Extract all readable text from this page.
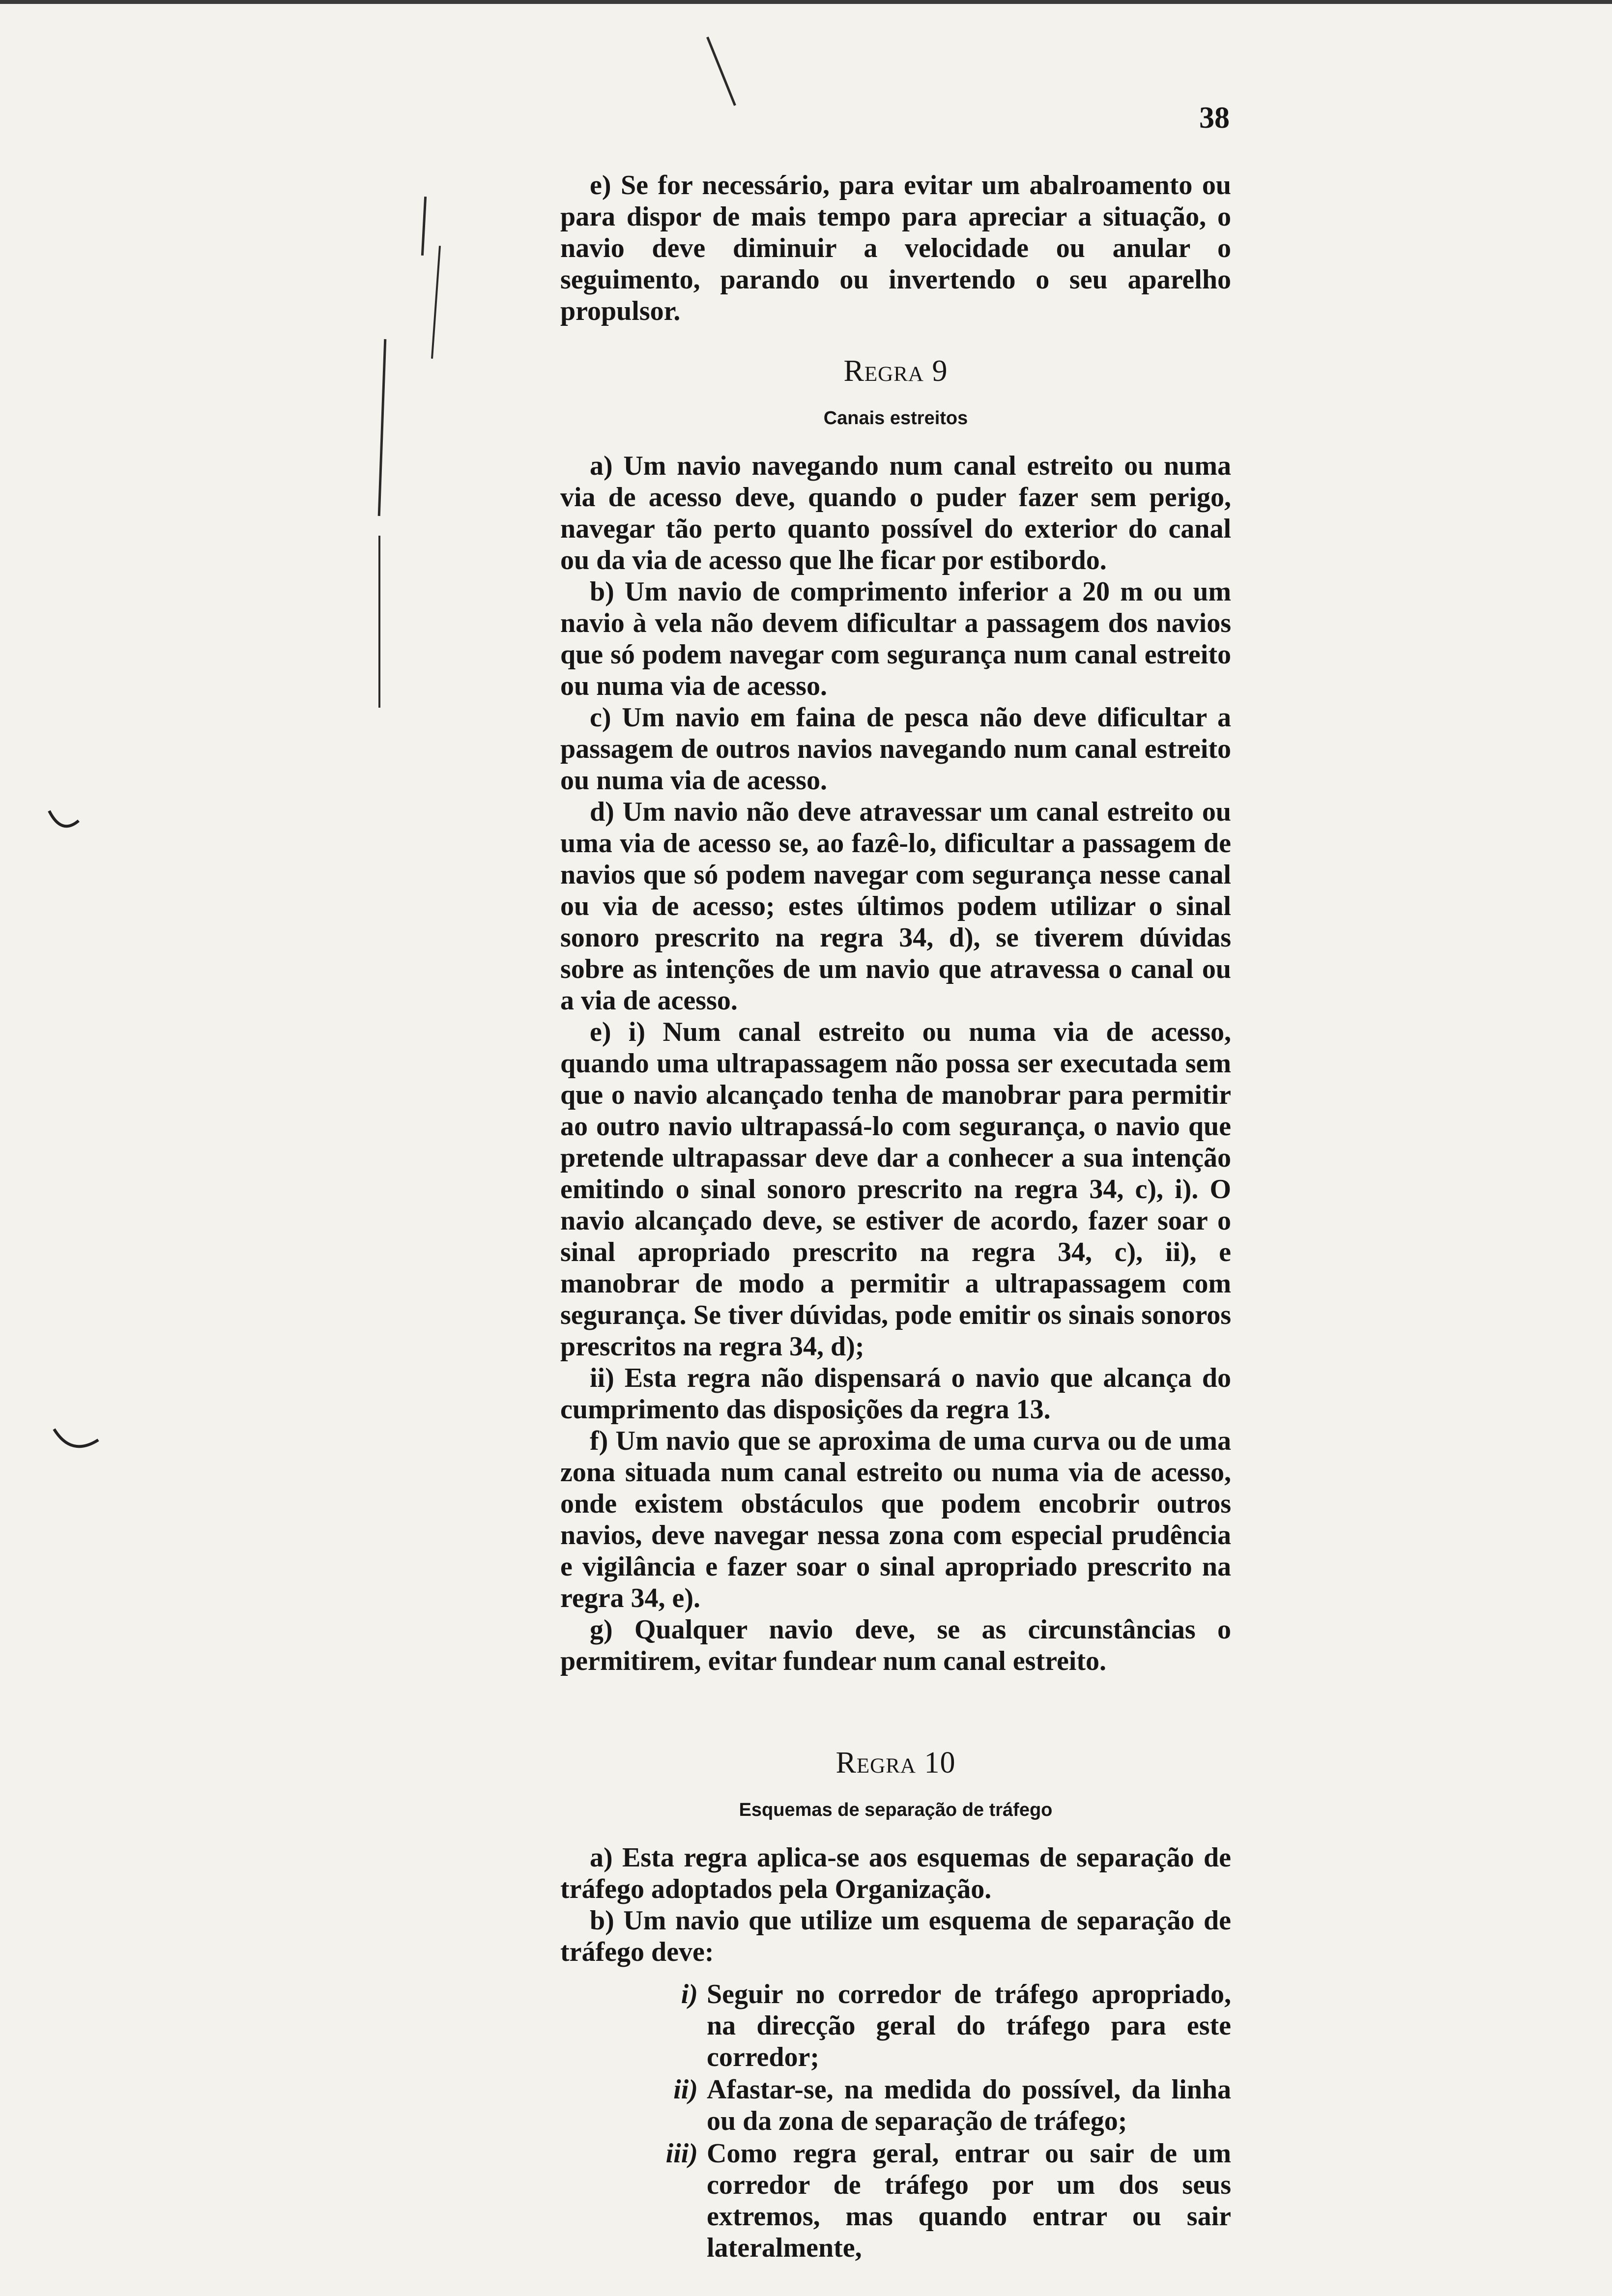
38

e) Se for necessário, para evitar um abalroamento ou para dispor de mais tempo para apreciar a situação, o navio deve diminuir a velocidade ou anular o seguimento, parando ou invertendo o seu aparelho propulsor.

Regra 9
Canais estreitos

a) Um navio navegando num canal estreito ou numa via de acesso deve, quando o puder fazer sem perigo, navegar tão perto quanto possível do exterior do canal ou da via de acesso que lhe ficar por estibordo.

b) Um navio de comprimento inferior a 20 m ou um navio à vela não devem dificultar a passagem dos navios que só podem navegar com segurança num canal estreito ou numa via de acesso.

c) Um navio em faina de pesca não deve dificultar a passagem de outros navios navegando num canal estreito ou numa via de acesso.

d) Um navio não deve atravessar um canal estreito ou uma via de acesso se, ao fazê-lo, dificultar a passagem de navios que só podem navegar com segurança nesse canal ou via de acesso; estes últimos podem utilizar o sinal sonoro prescrito na regra 34, d), se tiverem dúvidas sobre as intenções de um navio que atravessa o canal ou a via de acesso.

e) i) Num canal estreito ou numa via de acesso, quando uma ultrapassagem não possa ser executada sem que o navio alcançado tenha de manobrar para permitir ao outro navio ultrapassá-lo com segurança, o navio que pretende ultrapassar deve dar a conhecer a sua intenção emitindo o sinal sonoro prescrito na regra 34, c), i). O navio alcançado deve, se estiver de acordo, fazer soar o sinal apropriado prescrito na regra 34, c), ii), e manobrar de modo a permitir a ultrapassagem com segurança. Se tiver dúvidas, pode emitir os sinais sonoros prescritos na regra 34, d);

ii) Esta regra não dispensará o navio que alcança do cumprimento das disposições da regra 13.

f) Um navio que se aproxima de uma curva ou de uma zona situada num canal estreito ou numa via de acesso, onde existem obstáculos que podem encobrir outros navios, deve navegar nessa zona com especial prudência e vigilância e fazer soar o sinal apropriado prescrito na regra 34, e).

g) Qualquer navio deve, se as circunstâncias o permitirem, evitar fundear num canal estreito.

Regra 10
Esquemas de separação de tráfego

a) Esta regra aplica-se aos esquemas de separação de tráfego adoptados pela Organização.

b) Um navio que utilize um esquema de separação de tráfego deve:

i) Seguir no corredor de tráfego apropriado, na direcção geral do tráfego para este corredor;
ii) Afastar-se, na medida do possível, da linha ou da zona de separação de tráfego;
iii) Como regra geral, entrar ou sair de um corredor de tráfego por um dos seus extremos, mas quando entrar ou sair lateralmente,
